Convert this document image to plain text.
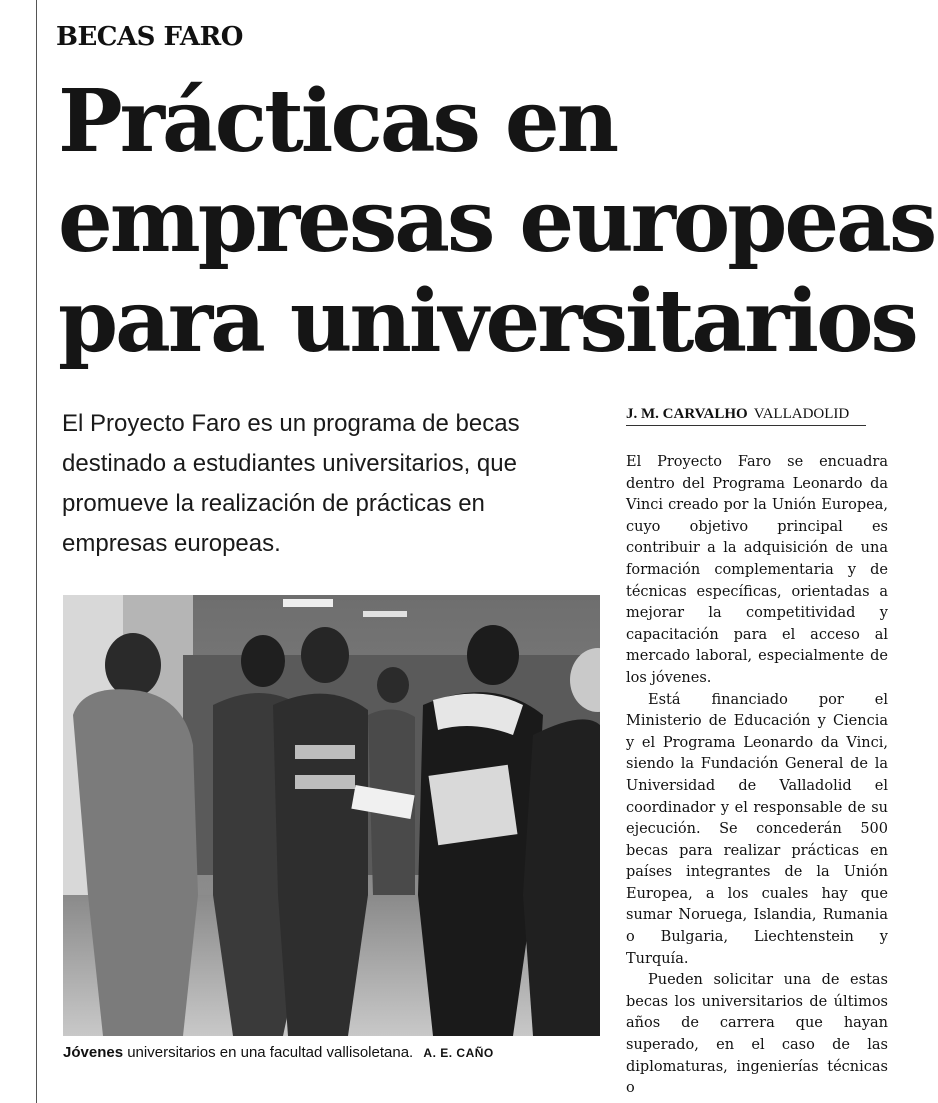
BECAS FARO
Prácticas en
empresas europeas
para universitarios
El Proyecto Faro es un programa de becas destinado a estudiantes universitarios, que promueve la realización de prácticas en empresas europeas.
J. M. CARVALHO VALLADOLID

El Proyecto Faro se encuadra dentro del Programa Leonardo da Vinci creado por la Unión Europea, cuyo objetivo principal es contribuir a la adquisición de una formación complementaria y de técnicas específicas, orientadas a mejorar la competitividad y capacitación para el acceso al mercado laboral, especialmente de los jóvenes.

Está financiado por el Ministerio de Educación y Ciencia y el Programa Leonardo da Vinci, siendo la Fundación General de la Universidad de Valladolid el coordinador y el responsable de su ejecución. Se concederán 500 becas para realizar prácticas en países integrantes de la Unión Europea, a los cuales hay que sumar Noruega, Islandia, Rumania o Bulgaria, Liechtenstein y Turquía.

Pueden solicitar una de estas becas los universitarios de últimos años de carrera que hayan superado, en el caso de las diplomaturas, ingenierías técnicas o

Jóvenes universitarios en una facultad vallisoletana. A. E. CAÑO
